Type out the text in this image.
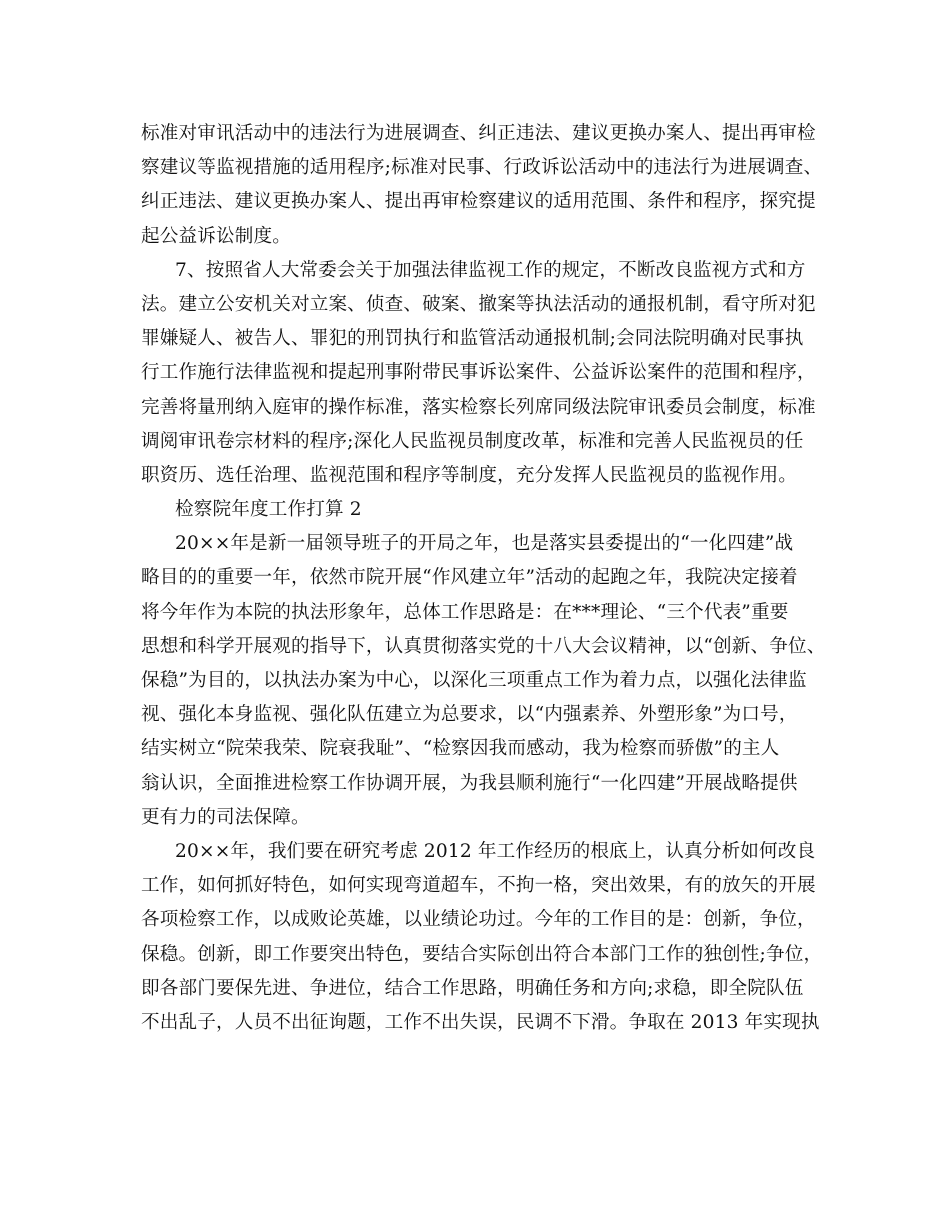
标准对审讯活动中的违法行为进展调查、纠正违法、建议更换办案人、提出再审检
察建议等监视措施的适用程序;标准对民事、行政诉讼活动中的违法行为进展调查、
纠正违法、建议更换办案人、提出再审检察建议的适用范围、条件和程序，探究提
起公益诉讼制度。
7、按照省人大常委会关于加强法律监视工作的规定，不断改良监视方式和方
法。建立公安机关对立案、侦查、破案、撤案等执法活动的通报机制，看守所对犯
罪嫌疑人、被告人、罪犯的刑罚执行和监管活动通报机制;会同法院明确对民事执
行工作施行法律监视和提起刑事附带民事诉讼案件、公益诉讼案件的范围和程序，
完善将量刑纳入庭审的操作标准，落实检察长列席同级法院审讯委员会制度，标准
调阅审讯卷宗材料的程序;深化人民监视员制度改革，标准和完善人民监视员的任
职资历、选任治理、监视范围和程序等制度，充分发挥人民监视员的监视作用。
检察院年度工作打算 2
20××年是新一届领导班子的开局之年，也是落实县委提出的“一化四建”战
略目的的重要一年，依然市院开展“作风建立年”活动的起跑之年，我院决定接着
将今年作为本院的执法形象年，总体工作思路是：在***理论、“三个代表”重要
思想和科学开展观的指导下，认真贯彻落实党的十八大会议精神，以“创新、争位、
保稳”为目的，以执法办案为中心，以深化三项重点工作为着力点，以强化法律监
视、强化本身监视、强化队伍建立为总要求，以“内强素养、外塑形象”为口号，
结实树立“院荣我荣、院衰我耻”、“检察因我而感动，我为检察而骄傲”的主人
翁认识，全面推进检察工作协调开展，为我县顺利施行“一化四建”开展战略提供
更有力的司法保障。
20××年，我们要在研究考虑 2012 年工作经历的根底上，认真分析如何改良
工作，如何抓好特色，如何实现弯道超车，不拘一格，突出效果，有的放矢的开展
各项检察工作，以成败论英雄，以业绩论功过。今年的工作目的是：创新，争位，
保稳。创新，即工作要突出特色，要结合实际创出符合本部门工作的独创性;争位，
即各部门要保先进、争进位，结合工作思路，明确任务和方向;求稳，即全院队伍
不出乱子，人员不出征询题，工作不出失误，民调不下滑。争取在 2013 年实现执
